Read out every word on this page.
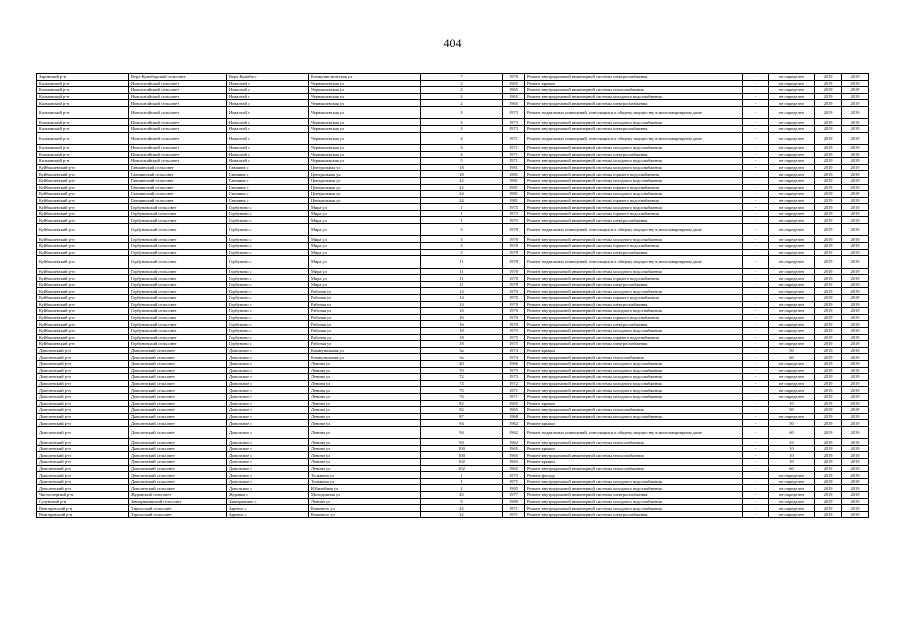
404
Заринский р-н	Верх-Кужебарский сельсовет	Верх-Кужеба с	Коммунистическая ул	7	1976	Ремонт внутридомовой инженерной системы электроснабжения	-	не определен	2019	2019
Калманский р-н	Новоалтайский сельсовет	Новалтай с	Чернышевская ул	2	1965	Ремонт крыши	-	не определен	2019	2019
Калманский р-н	Новоалтайский сельсовет	Новалтай с	Чернышевская ул	2	1965	Ремонт внутридомовой инженерной системы теплоснабжения	-	не определен	2019	2019
Калманский р-н	Новоалтайский сельсовет	Новалтай с	Чернышевская ул	2	1965	Ремонт внутридомовой инженерной системы холодного водоснабжения	-	не определен	2019	2019
Калманский р-н	Новоалтайский сельсовет	Новалтай с	Чернышевская ул	2	1965	Ремонт внутридомовой инженерной системы электроснабжения	-	не определен	2019	2019
Калманский р-н	Новоалтайский сельсовет	Новалтай с	Чернышевская ул	3	1973	Ремонт подвальных помещений, относящихся к общему имуществу в многоквартирном доме	-	не определен	2019	2019
Калманский р-н	Новоалтайский сельсовет	Новалтай с	Чернышевская ул	3	1973	Ремонт внутридомовой инженерной системы холодного водоснабжения	-	не определен	2019	2019
Калманский р-н	Новоалтайский сельсовет	Новалтай с	Чернышевская ул	3	1973	Ремонт внутридомовой инженерной системы электроснабжения	-	не определен	2019	2019
Калманский р-н	Новоалтайский сельсовет	Новалтай с	Чернышевская ул	4	1971	Ремонт подвальных помещений, относящихся к общему имуществу в многоквартирном доме	-	не определен	2019	2019
Калманский р-н	Новоалтайский сельсовет	Новалтай с	Чернышевская ул	4	1971	Ремонт внутридомовой инженерной системы холодного водоснабжения	-	не определен	2019	2019
Калманский р-н	Новоалтайский сельсовет	Новалтай с	Чернышевская ул	4	1971	Ремонт внутридомовой инженерной системы электроснабжения	-	не определен	2019	2019
Калманский р-н	Новоалтайский сельсовет	Новалтай с	Чернышевская ул	5	1971	Ремонт внутридомовой инженерной системы холодного водоснабжения	-	не определен	2019	2019
Куйбышевский р-н	Гавшинский сельсовет	Гавшина с	Центральная ул	18	1981	Ремонт внутридомовой инженерной системы холодного водоснабжения	-	не определен	2019	2019
Куйбышевский р-н	Гавшинский сельсовет	Гавшина с	Центральная ул	18	1981	Ремонт внутридомовой инженерной системы горячего водоснабжения	-	не определен	2019	2019
Куйбышевский р-н	Гавшинский сельсовет	Гавшина с	Центральная ул	22	1981	Ремонт внутридомовой инженерной системы холодного водоснабжения	-	не определен	2019	2019
Куйбышевский р-н	Гавшинский сельсовет	Гавшина с	Центральная ул	22	1981	Ремонт внутридомовой инженерной системы горячего водоснабжения	-	не определен	2019	2019
Куйбышевский р-н	Гавшинский сельсовет	Гавшина с	Центральная ул	24	1981	Ремонт внутридомовой инженерной системы холодного водоснабжения	-	не определен	2019	2019
Куйбышевский р-н	Гавшинский сельсовет	Гавшина с	Центральная ул	24	1981	Ремонт внутридомовой инженерной системы горячего водоснабжения	-	не определен	2019	2019
Куйбышевский р-н	Горбуновский сельсовет	Горбуново с	Мира ул	1	1975	Ремонт внутридомовой инженерной системы холодного водоснабжения	-	не определен	2019	2019
Куйбышевский р-н	Горбуновский сельсовет	Горбуново с	Мира ул	1	1975	Ремонт внутридомовой инженерной системы горячего водоснабжения	-	не определен	2019	2019
Куйбышевский р-н	Горбуновский сельсовет	Горбуново с	Мира ул	1	1975	Ремонт внутридомовой инженерной системы электроснабжения	-	не определен	2019	2019
Куйбышевский р-н	Горбуновский сельсовет	Горбуново с	Мира ул	3	1978	Ремонт подвальных помещений, относящихся к общему имуществу в многоквартирном доме	-	не определен	2019	2019
Куйбышевский р-н	Горбуновский сельсовет	Горбуново с	Мира ул	3	1978	Ремонт внутридомовой инженерной системы холодного водоснабжения	-	не определен	2019	2019
Куйбышевский р-н	Горбуновский сельсовет	Горбуново с	Мира ул	3	1978	Ремонт внутридомовой инженерной системы горячего водоснабжения	-	не определен	2019	2019
Куйбышевский р-н	Горбуновский сельсовет	Горбуново с	Мира ул	3	1978	Ремонт внутридомовой инженерной системы электроснабжения	-	не определен	2019	2019
Куйбышевский р-н	Горбуновский сельсовет	Горбуново с	Мира ул	11	1978	Ремонт подвальных помещений, относящихся к общему имуществу в многоквартирном доме	-	не определен	2019	2019
Куйбышевский р-н	Горбуновский сельсовет	Горбуново с	Мира ул	11	1978	Ремонт внутридомовой инженерной системы холодного водоснабжения	-	не определен	2019	2019
Куйбышевский р-н	Горбуновский сельсовет	Горбуново с	Мира ул	11	1978	Ремонт внутридомовой инженерной системы горячего водоснабжения	-	не определен	2019	2019
Куйбышевский р-н	Горбуновский сельсовет	Горбуново с	Мира ул	11	1978	Ремонт внутридомовой инженерной системы электроснабжения	-	не определен	2019	2019
Куйбышевский р-н	Горбуновский сельсовет	Горбуново с	Рабочая ул	14	1970	Ремонт внутридомовой инженерной системы холодного водоснабжения	-	не определен	2019	2019
Куйбышевский р-н	Горбуновский сельсовет	Горбуново с	Рабочая ул	14	1970	Ремонт внутридомовой инженерной системы горячего водоснабжения	-	не определен	2019	2019
Куйбышевский р-н	Горбуновский сельсовет	Горбуново с	Рабочая ул	14	1970	Ремонт внутридомовой инженерной системы электроснабжения	-	не определен	2019	2019
Куйбышевский р-н	Горбуновский сельсовет	Горбуново с	Рабочая ул	16	1970	Ремонт внутридомовой инженерной системы холодного водоснабжения	-	не определен	2019	2019
Куйбышевский р-н	Горбуновский сельсовет	Горбуново с	Рабочая ул	16	1970	Ремонт внутридомовой инженерной системы горячего водоснабжения	-	не определен	2019	2019
Куйбышевский р-н	Горбуновский сельсовет	Горбуново с	Рабочая ул	16	1970	Ремонт внутридомовой инженерной системы электроснабжения	-	не определен	2019	2019
Куйбышевский р-н	Горбуновский сельсовет	Горбуново с	Рабочая ул	18	1975	Ремонт внутридомовой инженерной системы холодного водоснабжения	-	не определен	2019	2019
Куйбышевский р-н	Горбуновский сельсовет	Горбуново с	Рабочая ул	18	1975	Ремонт внутридомовой инженерной системы горячего водоснабжения	-	не определен	2019	2019
Куйбышевский р-н	Горбуновский сельсовет	Горбуново с	Рабочая ул	18	1975	Ремонт внутридомовой инженерной системы электроснабжения	-	не определен	2019	2019
Доволенский р-н	Доволенский сельсовет	Довольное с	Коммунальная ул	3а	1974	Ремонт крыши	-	50	2019	2019
Доволенский р-н	Доволенский сельсовет	Довольное с	Коммунальная ул	3а	1974	Ремонт внутридомовой инженерной системы теплоснабжения	-	60	2019	2019
Доволенский р-н	Доволенский сельсовет	Довольное с	Ленина ул	40	1966	Ремонт внутридомовой инженерной системы холодного водоснабжения	-	не определен	2019	2019
Доволенский р-н	Доволенский сельсовет	Довольное с	Ленина ул	70	1975	Ремонт внутридомовой инженерной системы холодного водоснабжения	-	не определен	2019	2019
Доволенский р-н	Доволенский сельсовет	Довольное с	Ленина ул	72	1973	Ремонт внутридомовой инженерной системы холодного водоснабжения	-	не определен	2019	2019
Доволенский р-н	Доволенский сельсовет	Довольное с	Ленина ул	74	1972	Ремонт внутридомовой инженерной системы холодного водоснабжения	-	не определен	2019	2019
Доволенский р-н	Доволенский сельсовет	Довольное с	Ленина ул	75	1971	Ремонт внутридомовой инженерной системы холодного водоснабжения	-	не определен	2019	2019
Доволенский р-н	Доволенский сельсовет	Довольное с	Ленина ул	76	1971	Ремонт внутридомовой инженерной системы холодного водоснабжения	-	не определен	2019	2019
Доволенский р-н	Доволенский сельсовет	Довольное с	Ленина ул	82	1965	Ремонт крыши	-	10	2019	2019
Доволенский р-н	Доволенский сельсовет	Довольное с	Ленина ул	82	1965	Ремонт внутридомовой инженерной системы теплоснабжения	-	50	2019	2019
Доволенский р-н	Доволенский сельсовет	Довольное с	Ленина ул	87	1968	Ремонт внутридомовой инженерной системы холодного водоснабжения	-	не определен	2019	2019
Доволенский р-н	Доволенский сельсовет	Довольное с	Ленина ул	94	1962	Ремонт крыши	-	50	2019	2019
Доволенский р-н	Доволенский сельсовет	Довольное с	Ленина ул	94	1962	Ремонт подвальных помещений, относящихся к общему имуществу в многоквартирном доме	-	60	2019	2019
Доволенский р-н	Доволенский сельсовет	Довольное с	Ленина ул	94	1962	Ремонт внутридомовой инженерной системы теплоснабжения	-	55	2019	2019
Доволенский р-н	Доволенский сельсовет	Довольное с	Ленина ул	100	1965	Ремонт крыши	-	10	2019	2019
Доволенский р-н	Доволенский сельсовет	Довольное с	Ленина ул	100	1965	Ремонт внутридомовой инженерной системы теплоснабжения	-	10	2019	2019
Доволенский р-н	Доволенский сельсовет	Довольное с	Ленина ул	102	1965	Ремонт крыши	-	10	2019	2019
Доволенский р-н	Доволенский сельсовет	Довольное с	Ленина ул	102	1965	Ремонт внутридомовой инженерной системы теплоснабжения	-	60	2019	2019
Доволенский р-н	Доволенский сельсовет	Довольное с	Тельмана ул	1	1975	Ремонт фасада	-	не определен	2019	2019
Доволенский р-н	Доволенский сельсовет	Довольное с	Тельмана ул	1	1975	Ремонт внутридомовой инженерной системы холодного водоснабжения	-	не определен	2019	2019
Доволенский р-н	Доволенский сельсовет	Довольное с	Юбилейная ул	2	1965	Ремонт внутридомовой инженерной системы холодного водоснабжения	-	не определен	2019	2019
Чистоозерный р-н	Журавский сельсовет	Журавка с	Молодежная ул	45	1977	Ремонт внутридомовой инженерной системы электроснабжения	-	не определен	2019	2019
Сузунский р-н	Заковряжинский сельсовет	Заковряжино с	Ленина ул	9	1980	Ремонт внутридомовой инженерной системы холодного водоснабжения	-	не определен	2019	2019
Венгеровский р-н	Тартасский сельсовет	Заречье с	Кошевого ул	22	1971	Ремонт внутридомовой инженерной системы холодного водоснабжения	-	не определен	2019	2019
Венгеровский р-н	Тартасский сельсовет	Заречье с	Кошевого ул	22	1971	Ремонт внутридомовой инженерной системы электроснабжения	-	не определен	2019	2019
